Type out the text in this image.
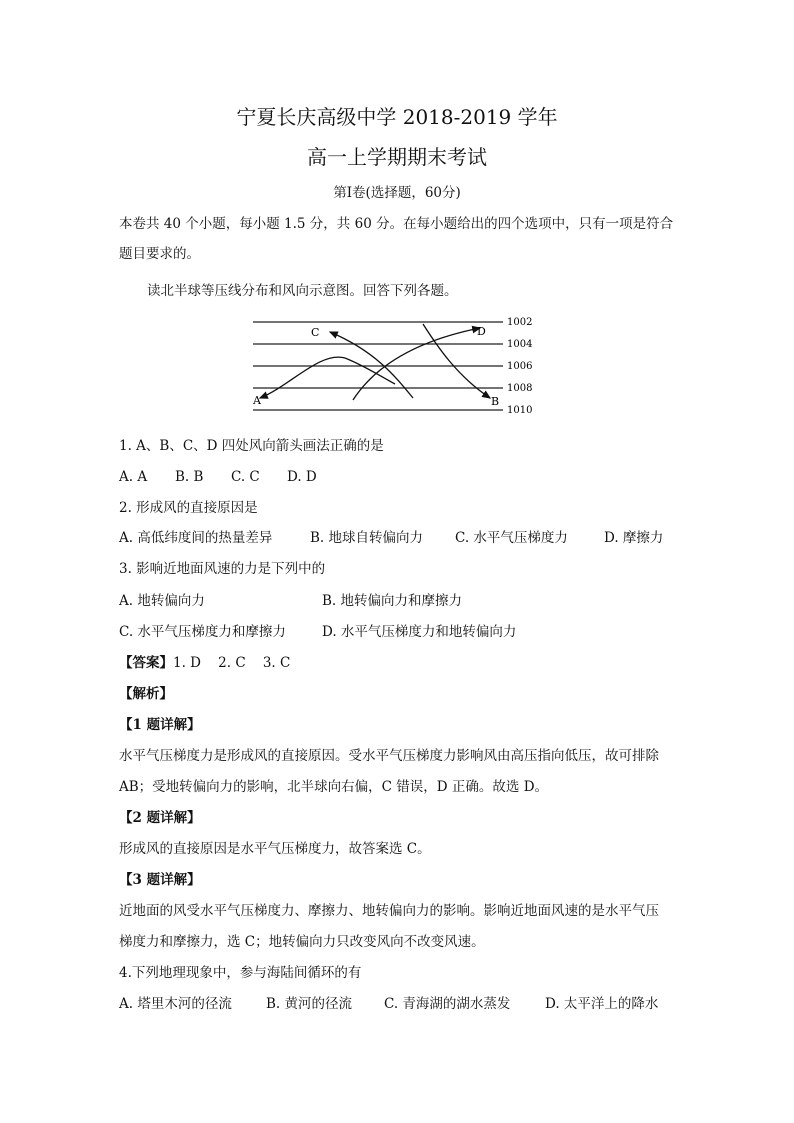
宁夏长庆高级中学 2018-2019 学年
高一上学期期末考试
第Ⅰ卷(选择题，60分)
本卷共 40 个小题，每小题 1.5 分，共 60 分。在每小题给出的四个选项中，只有一项是符合题目要求的。
读北半球等压线分布和风向示意图。回答下列各题。
C	D
A	B
1002
1004
1006
1008
1010
1. A、B、C、D 四处风向箭头画法正确的是
A. A B. B C. C D. D
2. 形成风的直接原因是
A. 高低纬度间的热量差异	B. 地球自转偏向力 C. 水平气压梯度力	D. 摩擦力
3. 影响近地面风速的力是下列中的
A. 地转偏向力	B. 地转偏向力和摩擦力
C. 水平气压梯度力和摩擦力	D. 水平气压梯度力和地转偏向力
【答案】1. D    2. C    3. C
【解析】
【1 题详解】
水平气压梯度力是形成风的直接原因。受水平气压梯度力影响风由高压指向低压，故可排除
AB；受地转偏向力的影响，北半球向右偏，C 错误，D 正确。故选 D。
【2 题详解】
形成风的直接原因是水平气压梯度力，故答案选 C。
【3 题详解】
近地面的风受水平气压梯度力、摩擦力、地转偏向力的影响。影响近地面风速的是水平气压
梯度力和摩擦力，选 C；地转偏向力只改变风向不改变风速。
4.下列地理现象中，参与海陆间循环的有
A. 塔里木河的径流	B. 黄河的径流 C. 青海湖的湖水蒸发	D. 太平洋上的降水
